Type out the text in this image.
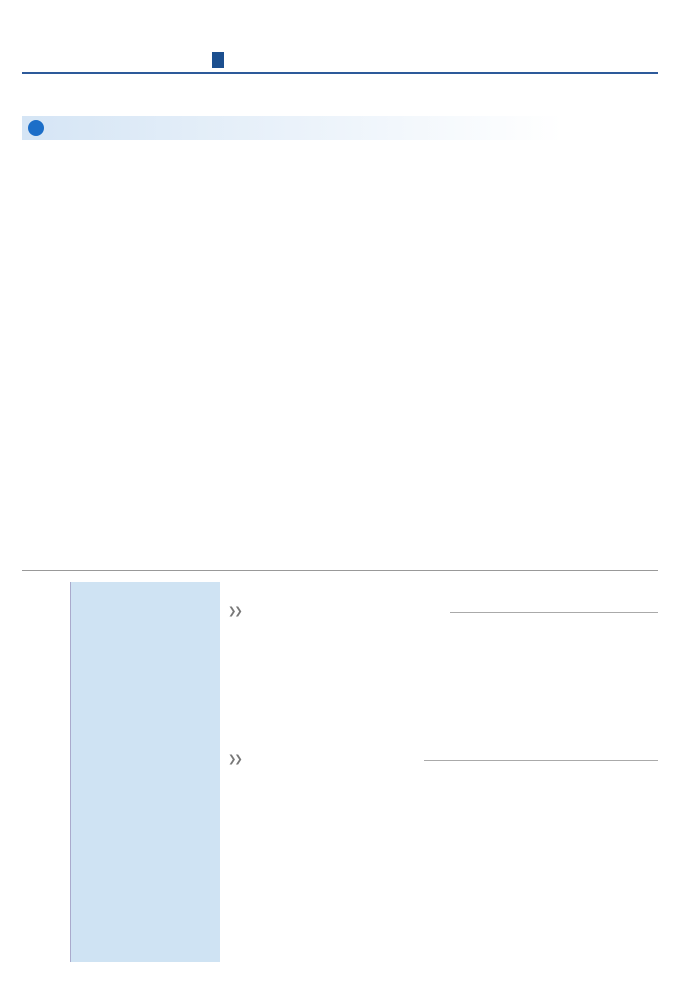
❯❯

❯❯
